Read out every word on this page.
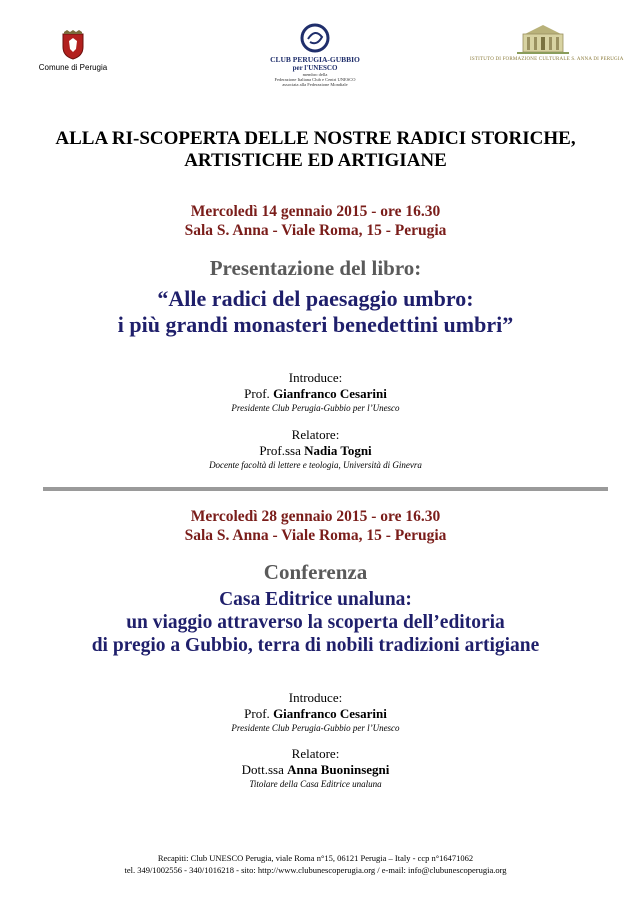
Comune di Perugia
CLUB PERUGIA-GUBBIO
per l'UNESCO
membro della
Federazione Italiana Club e Centri UNESCO
associata alla Federazione Mondiale
ISTITUTO DI FORMAZIONE CULTURALE S. ANNA DI PERUGIA
ALLA RI-SCOPERTA DELLE NOSTRE RADICI STORICHE,
ARTISTICHE ED ARTIGIANE
Mercoledì 14 gennaio 2015 - ore 16.30
Sala S. Anna - Viale Roma, 15 - Perugia
Presentazione del libro:
“Alle radici del paesaggio umbro:
i più grandi monasteri benedettini umbri”
Introduce:
Prof. Gianfranco Cesarini
Presidente Club Perugia-Gubbio per l’Unesco
Relatore:
Prof.ssa Nadia Togni
Docente facoltà di lettere e teologia, Università di Ginevra
Mercoledì 28 gennaio 2015 - ore 16.30
Sala S. Anna - Viale Roma, 15 - Perugia
Conferenza
Casa Editrice unaluna:
un viaggio attraverso la scoperta dell’editoria
di pregio a Gubbio, terra di nobili tradizioni artigiane
Introduce:
Prof. Gianfranco Cesarini
Presidente Club Perugia-Gubbio per l’Unesco
Relatore:
Dott.ssa Anna Buoninsegni
Titolare della Casa Editrice unaluna
Recapiti: Club UNESCO Perugia, viale Roma n°15, 06121 Perugia – Italy - ccp n°16471062
tel. 349/1002556 - 340/1016218 - sito: http://www.clubunescoperugia.org / e-mail: info@clubunescoperugia.org
